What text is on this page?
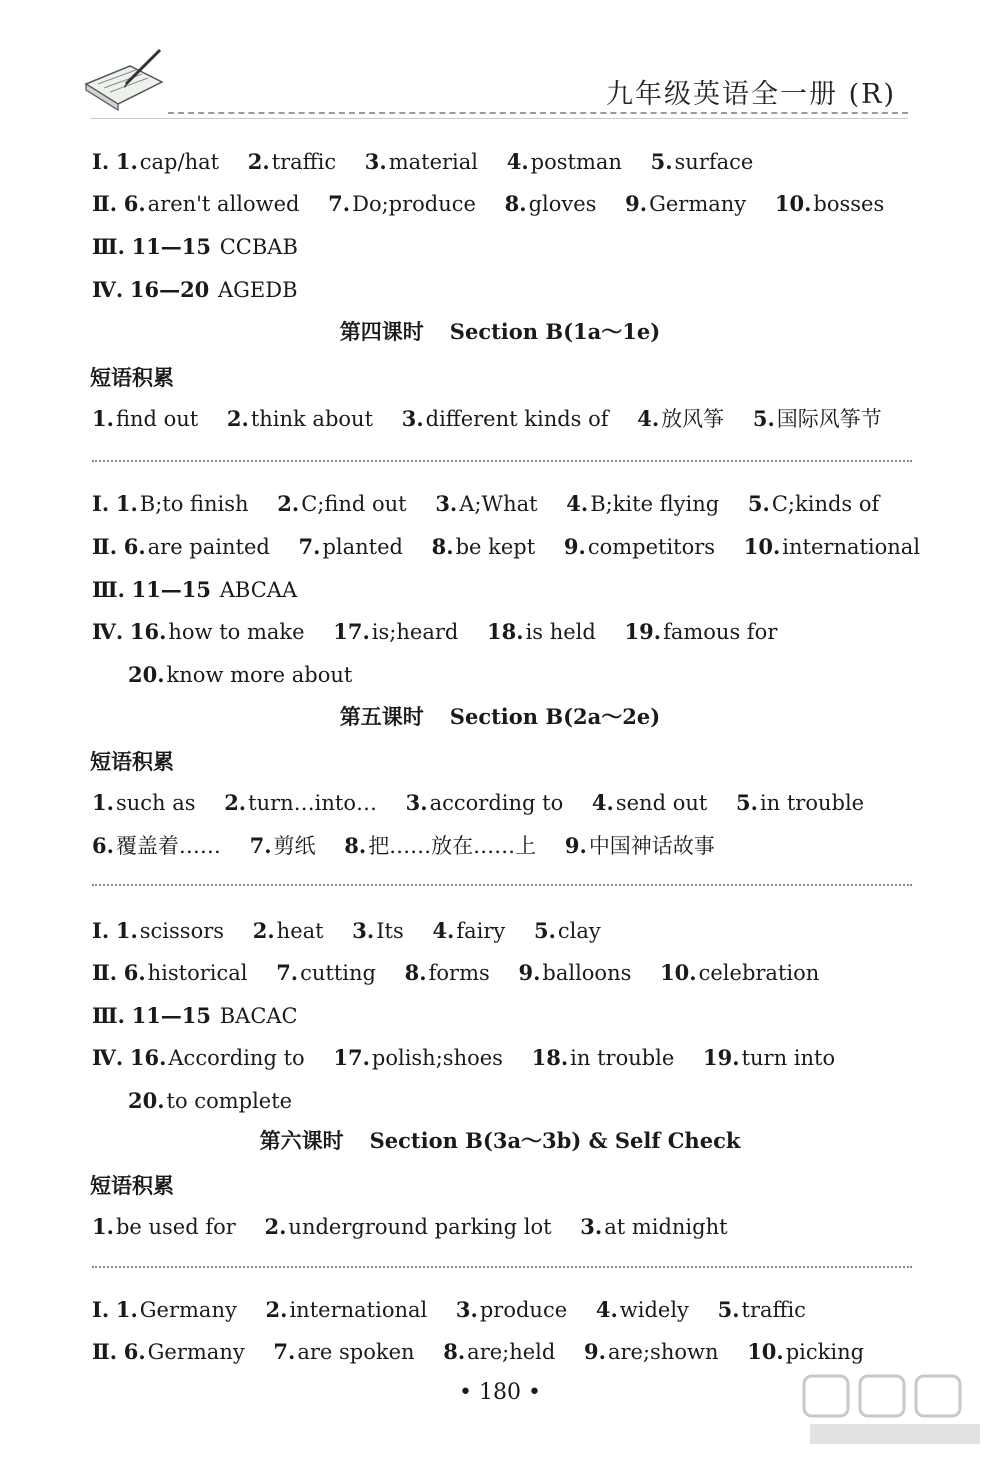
九年级英语全一册 (R)
Ⅰ. 1.cap/hat 2.traffic 3.material 4.postman 5.surface
Ⅱ. 6.aren't allowed 7.Do;produce 8.gloves 9.Germany 10.bosses
Ⅲ. 11—15 CCBAB
Ⅳ. 16—20 AGEDB
第四课时 Section B(1a～1e)
短语积累
1.find out 2.think about 3.different kinds of 4.放风筝 5.国际风筝节
Ⅰ. 1.B;to finish 2.C;find out 3.A;What 4.B;kite flying 5.C;kinds of
Ⅱ. 6.are painted 7.planted 8.be kept 9.competitors 10.international
Ⅲ. 11—15 ABCAA
Ⅳ. 16.how to make 17.is;heard 18.is held 19.famous for
20.know more about
第五课时 Section B(2a～2e)
短语积累
1.such as 2.turn…into… 3.according to 4.send out 5.in trouble
6.覆盖着…… 7.剪纸 8.把……放在……上 9.中国神话故事
Ⅰ. 1.scissors 2.heat 3.Its 4.fairy 5.clay
Ⅱ. 6.historical 7.cutting 8.forms 9.balloons 10.celebration
Ⅲ. 11—15 BACAC
Ⅳ. 16.According to 17.polish;shoes 18.in trouble 19.turn into
20.to complete
第六课时 Section B(3a～3b) & Self Check
短语积累
1.be used for 2.underground parking lot 3.at midnight
Ⅰ. 1.Germany 2.international 3.produce 4.widely 5.traffic
Ⅱ. 6.Germany 7.are spoken 8.are;held 9.are;shown 10.picking
• 180 •
